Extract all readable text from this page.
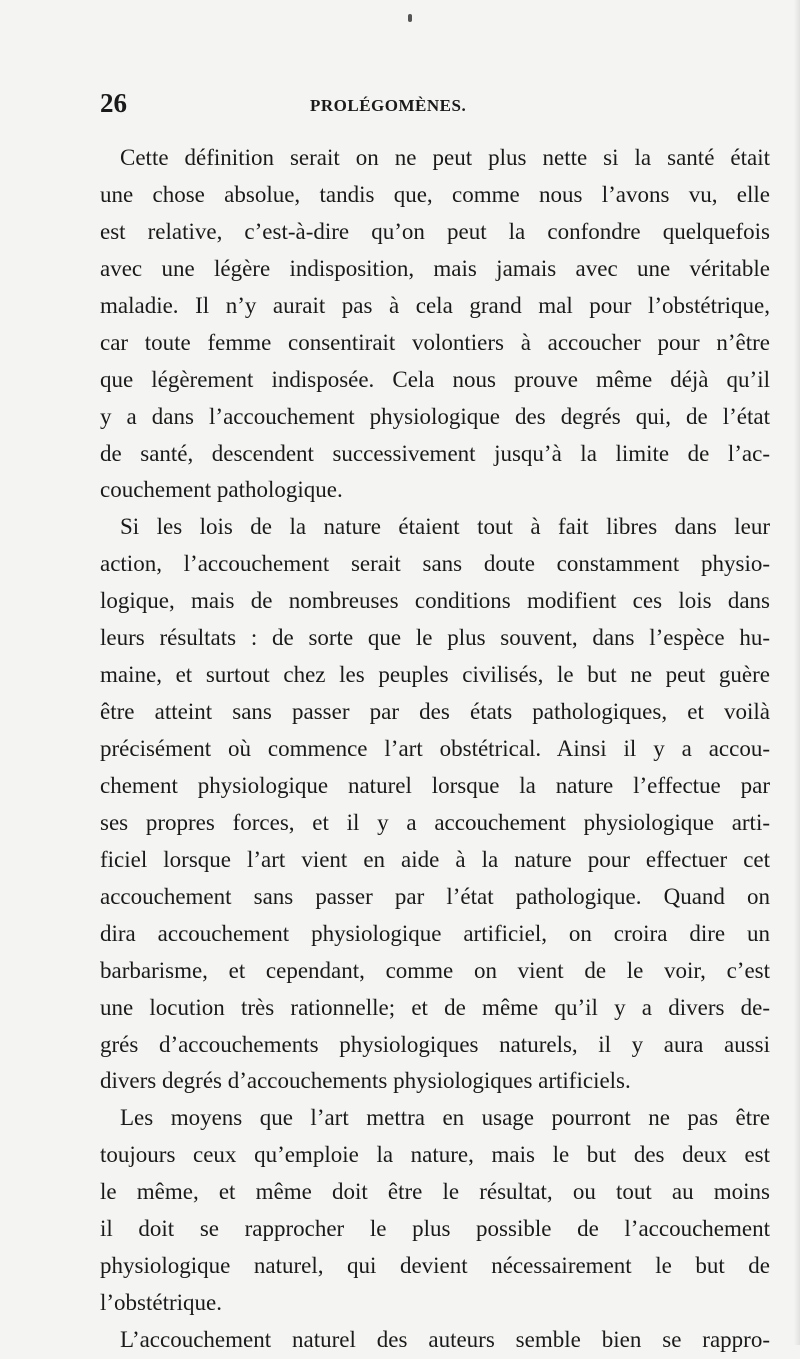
26	PROLÉGOMÈNES.
Cette définition serait on ne peut plus nette si la santé était
une chose absolue, tandis que, comme nous l’avons vu, elle
est relative, c’est-à-dire qu’on peut la confondre quelquefois
avec une légère indisposition, mais jamais avec une véritable
maladie. Il n’y aurait pas à cela grand mal pour l’obstétrique,
car toute femme consentirait volontiers à accoucher pour n’être
que légèrement indisposée. Cela nous prouve même déjà qu’il
y a dans l’accouchement physiologique des degrés qui, de l’état
de santé, descendent successivement jusqu’à la limite de l’ac-
couchement pathologique.
Si les lois de la nature étaient tout à fait libres dans leur
action, l’accouchement serait sans doute constamment physio-
logique, mais de nombreuses conditions modifient ces lois dans
leurs résultats : de sorte que le plus souvent, dans l’espèce hu-
maine, et surtout chez les peuples civilisés, le but ne peut guère
être atteint sans passer par des états pathologiques, et voilà
précisément où commence l’art obstétrical. Ainsi il y a accou-
chement physiologique naturel lorsque la nature l’effectue par
ses propres forces, et il y a accouchement physiologique arti-
ficiel lorsque l’art vient en aide à la nature pour effectuer cet
accouchement sans passer par l’état pathologique. Quand on
dira accouchement physiologique artificiel, on croira dire un
barbarisme, et cependant, comme on vient de le voir, c’est
une locution très rationnelle; et de même qu’il y a divers de-
grés d’accouchements physiologiques naturels, il y aura aussi
divers degrés d’accouchements physiologiques artificiels.
Les moyens que l’art mettra en usage pourront ne pas être
toujours ceux qu’emploie la nature, mais le but des deux est
le même, et même doit être le résultat, ou tout au moins
il doit se rapprocher le plus possible de l’accouchement
physiologique naturel, qui devient nécessairement le but de
l’obstétrique.
L’accouchement naturel des auteurs semble bien se rappro-
